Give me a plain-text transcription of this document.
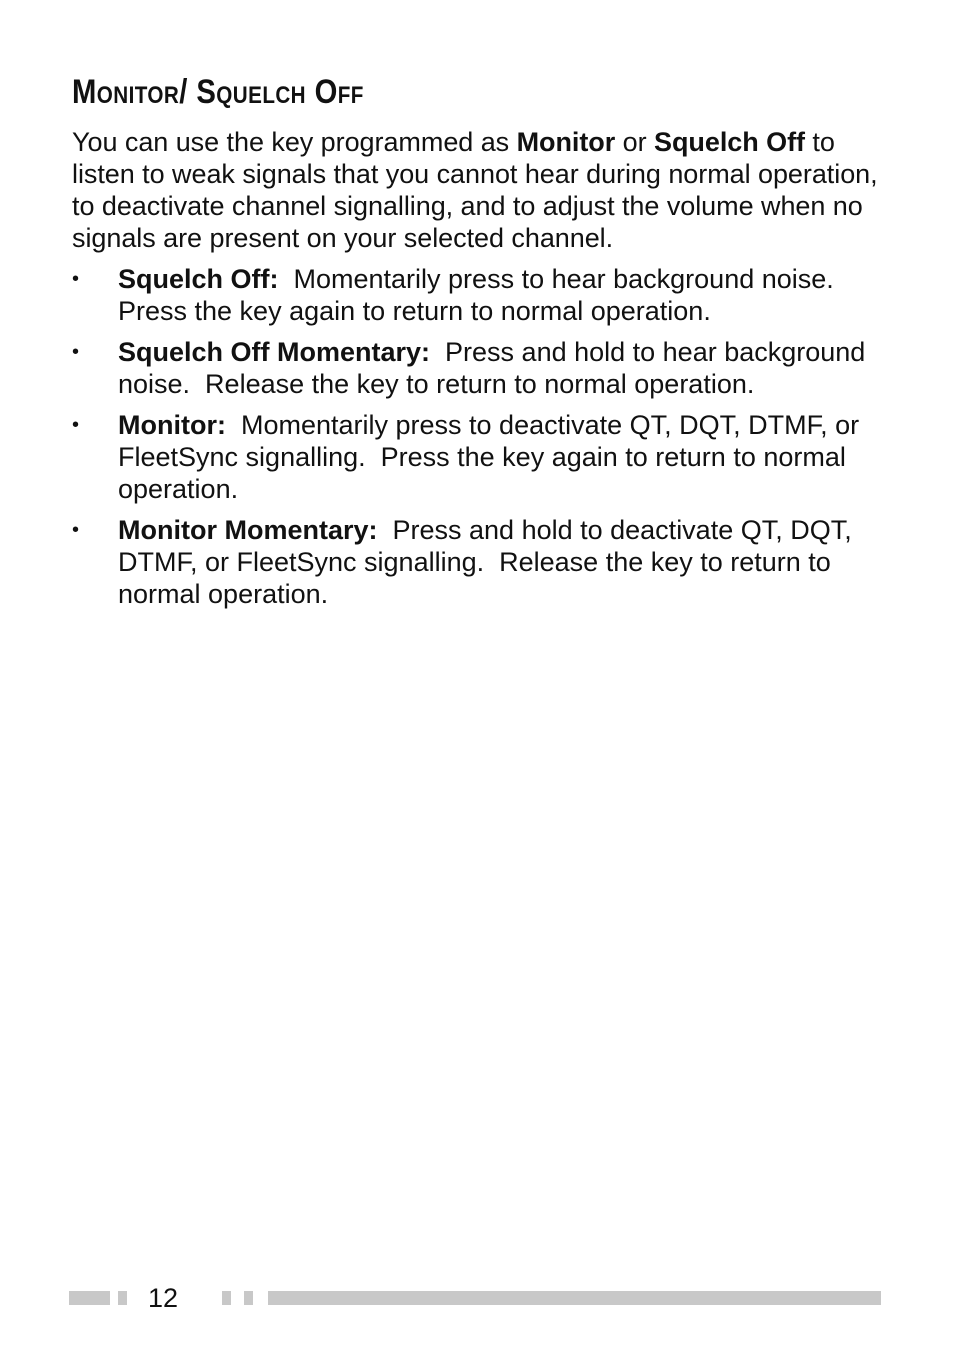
Monitor/ Squelch Off

You can use the key programmed as Monitor or Squelch Off to listen to weak signals that you cannot hear during normal operation, to deactivate channel signalling, and to adjust the volume when no signals are present on your selected channel.

• Squelch Off:  Momentarily press to hear background noise.  Press the key again to return to normal operation.
• Squelch Off Momentary:  Press and hold to hear background noise.  Release the key to return to normal operation.
• Monitor:  Momentarily press to deactivate QT, DQT, DTMF, or FleetSync signalling.  Press the key again to return to normal operation.
• Monitor Momentary:  Press and hold to deactivate QT, DQT, DTMF, or FleetSync signalling.  Release the key to return to normal operation.
12
